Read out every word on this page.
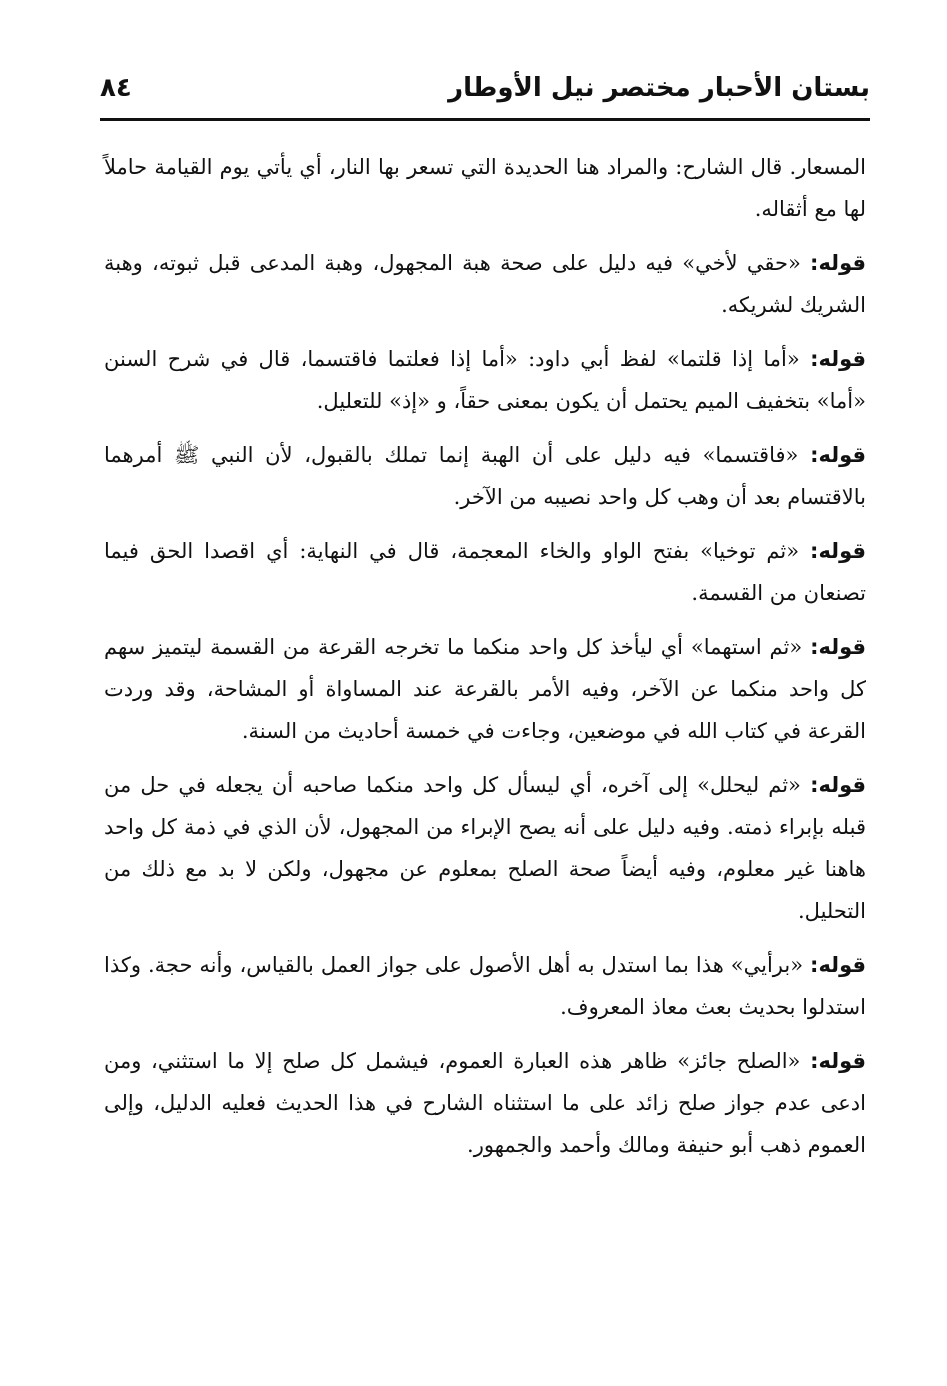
بستان الأحبار مختصر نيل الأوطار
٨٤

المسعار. قال الشارح: والمراد هنا الحديدة التي تسعر بها النار، أي يأتي يوم القيامة حاملاً لها مع أثقاله.

قوله: «حقي لأخي» فيه دليل على صحة هبة المجهول، وهبة المدعى قبل ثبوته، وهبة الشريك لشريكه.

قوله: «أما إذا قلتما» لفظ أبي داود: «أما إذا فعلتما فاقتسما، قال في شرح السنن «أما» بتخفيف الميم يحتمل أن يكون بمعنى حقاً، و «إذ» للتعليل.

قوله: «فاقتسما» فيه دليل على أن الهبة إنما تملك بالقبول، لأن النبي ﷺ أمرهما بالاقتسام بعد أن وهب كل واحد نصيبه من الآخر.

قوله: «ثم توخيا» بفتح الواو والخاء المعجمة، قال في النهاية: أي اقصدا الحق فيما تصنعان من القسمة.

قوله: «ثم استهما» أي ليأخذ كل واحد منكما ما تخرجه القرعة من القسمة ليتميز سهم كل واحد منكما عن الآخر، وفيه الأمر بالقرعة عند المساواة أو المشاحة، وقد وردت القرعة في كتاب الله في موضعين، وجاءت في خمسة أحاديث من السنة.

قوله: «ثم ليحلل» إلى آخره، أي ليسأل كل واحد منكما صاحبه أن يجعله في حل من قبله بإبراء ذمته. وفيه دليل على أنه يصح الإبراء من المجهول، لأن الذي في ذمة كل واحد هاهنا غير معلوم، وفيه أيضاً صحة الصلح بمعلوم عن مجهول، ولكن لا بد مع ذلك من التحليل.

قوله: «برأيي» هذا بما استدل به أهل الأصول على جواز العمل بالقياس، وأنه حجة. وكذا استدلوا بحديث بعث معاذ المعروف.

قوله: «الصلح جائز» ظاهر هذه العبارة العموم، فيشمل كل صلح إلا ما استثني، ومن ادعى عدم جواز صلح زائد على ما استثناه الشارح في هذا الحديث فعليه الدليل، وإلى العموم ذهب أبو حنيفة ومالك وأحمد والجمهور.
